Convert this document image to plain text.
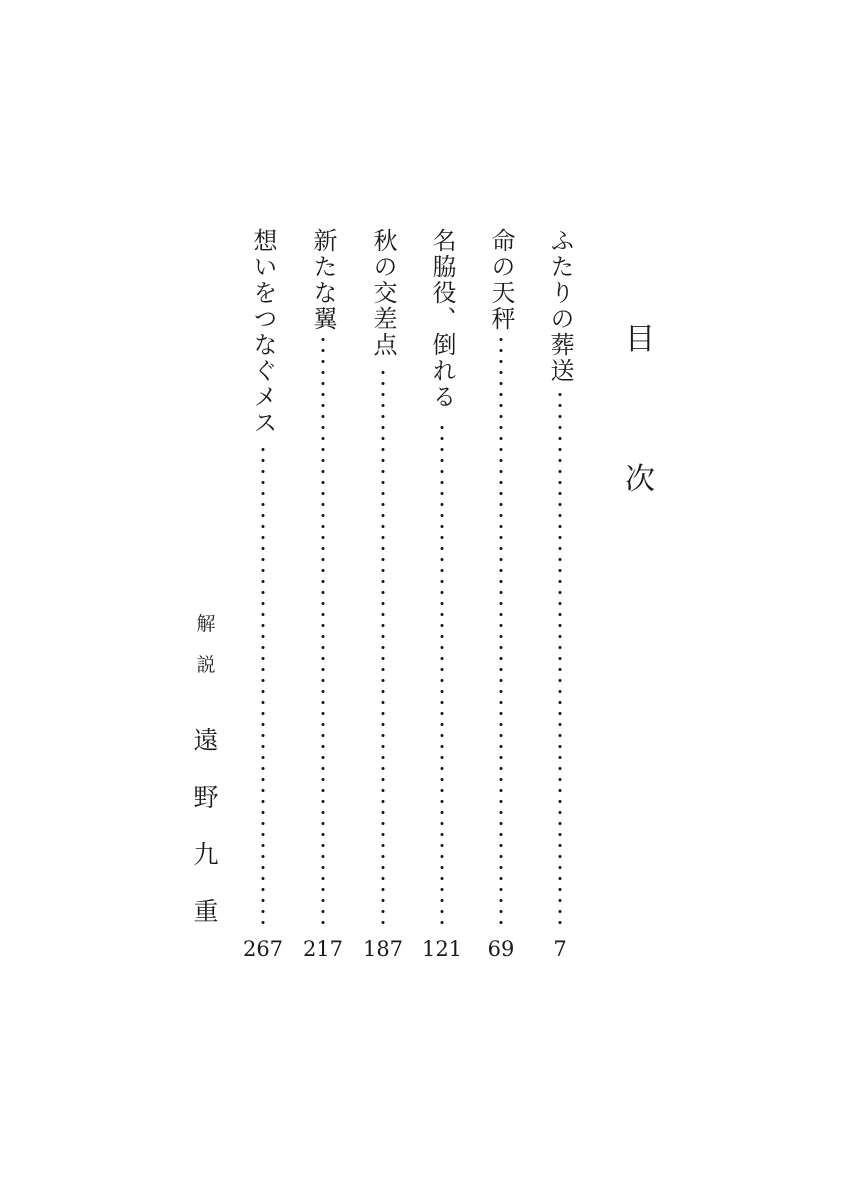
目
次
ふたりの葬送
7
命の天秤
69
名脇役、倒れる
121
秋の交差点
187
新たな翼
217
想いをつなぐメス
267
解
説
遠
野
九
重
